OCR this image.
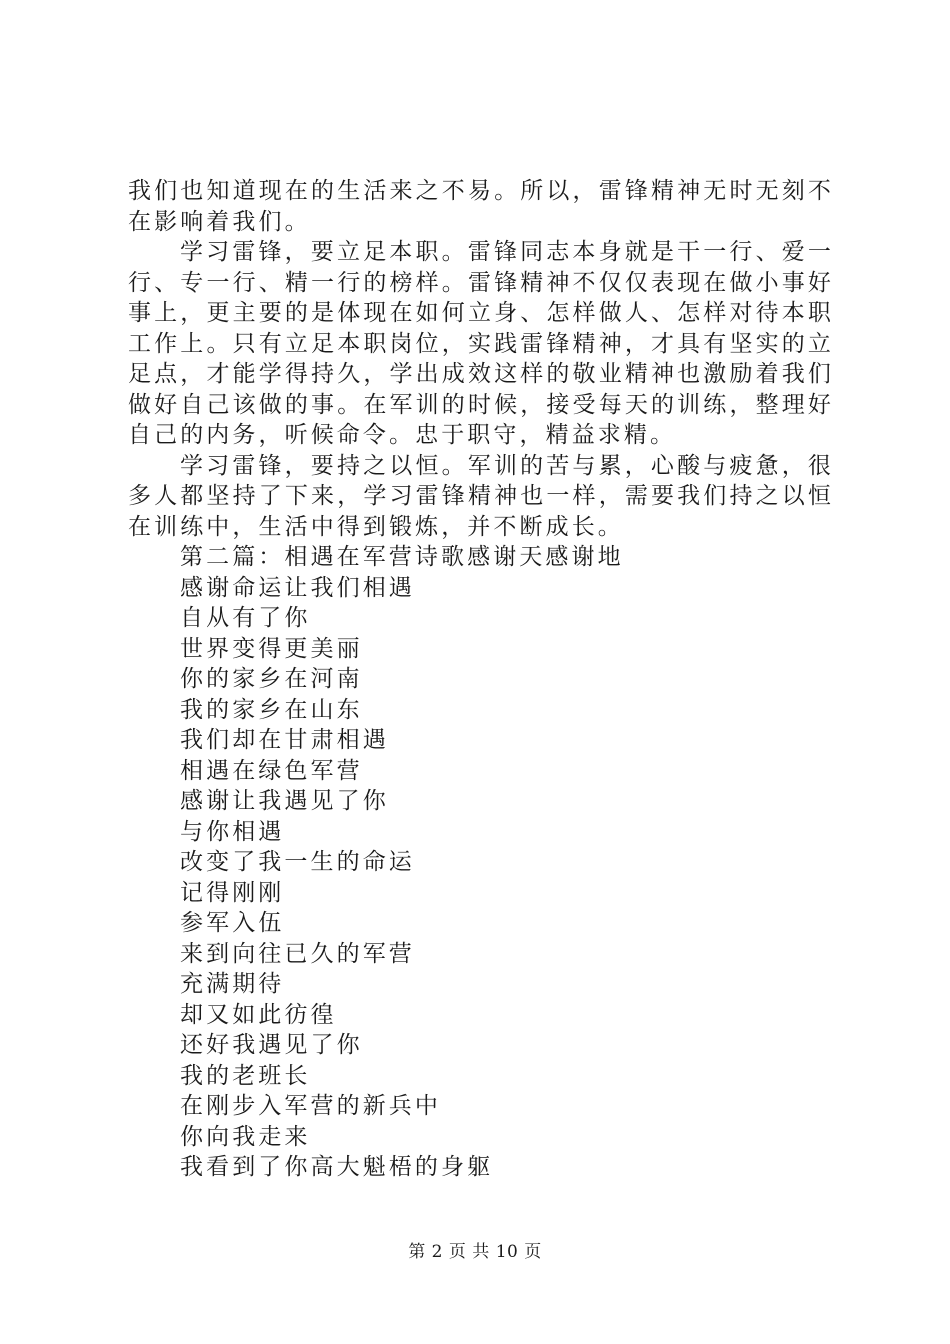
我们也知道现在的生活来之不易。所以，雷锋精神无时无刻不在影响着我们。

学习雷锋，要立足本职。雷锋同志本身就是干一行、爱一行、专一行、精一行的榜样。雷锋精神不仅仅表现在做小事好事上，更主要的是体现在如何立身、怎样做人、怎样对待本职工作上。只有立足本职岗位，实践雷锋精神，才具有坚实的立足点，才能学得持久，学出成效这样的敬业精神也激励着我们做好自己该做的事。在军训的时候，接受每天的训练，整理好自己的内务，听候命令。忠于职守，精益求精。

学习雷锋，要持之以恒。军训的苦与累，心酸与疲惫，很多人都坚持了下来，学习雷锋精神也一样，需要我们持之以恒在训练中，生活中得到锻炼，并不断成长。

第二篇：相遇在军营诗歌感谢天感谢地
感谢命运让我们相遇
自从有了你
世界变得更美丽
你的家乡在河南
我的家乡在山东
我们却在甘肃相遇
相遇在绿色军营
感谢让我遇见了你
与你相遇
改变了我一生的命运
记得刚刚
参军入伍
来到向往已久的军营
充满期待
却又如此彷徨
还好我遇见了你
我的老班长
在刚步入军营的新兵中
你向我走来
我看到了你高大魁梧的身躯
第 2 页 共 10 页
